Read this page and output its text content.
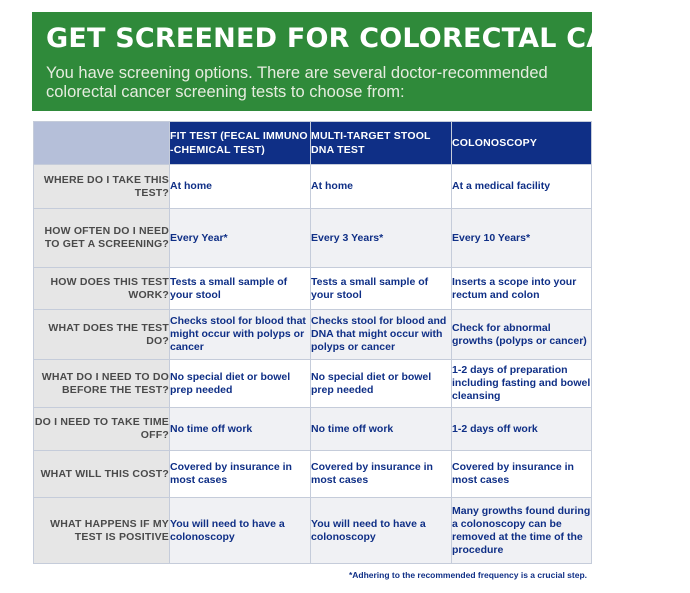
GET SCREENED FOR COLORECTAL CANCER

You have screening options. There are several doctor-recommended colorectal cancer screening tests to choose from:

	FIT TEST (FECAL IMMUNO -CHEMICAL TEST)	MULTI-TARGET STOOL DNA TEST	COLONOSCOPY
WHERE DO I TAKE THIS TEST?	At home	At home	At a medical facility
HOW OFTEN DO I NEED TO GET A SCREENING?	Every Year*	Every 3 Years*	Every 10 Years*
HOW DOES THIS TEST WORK?	Tests a small sample of your stool	Tests a small sample of your stool	Inserts a scope into your rectum and colon
WHAT DOES THE TEST DO?	Checks stool for blood that might occur with polyps or cancer	Checks stool for blood and DNA that might occur with polyps or cancer	Check for abnormal growths (polyps or cancer)
WHAT DO I NEED TO DO BEFORE THE TEST?	No special diet or bowel prep needed	No special diet or bowel prep needed	1-2 days of preparation including fasting and bowel cleansing
DO I NEED TO TAKE TIME OFF?	No time off work	No time off work	1-2 days off work
WHAT WILL THIS COST?	Covered by insurance in most cases	Covered by insurance in most cases	Covered by insurance in most cases
WHAT HAPPENS IF MY TEST IS POSITIVE	You will need to have a colonoscopy	You will need to have a colonoscopy	Many growths found during a colonoscopy can be removed at the time of the procedure
*Adhering to the recommended frequency is a crucial step.
